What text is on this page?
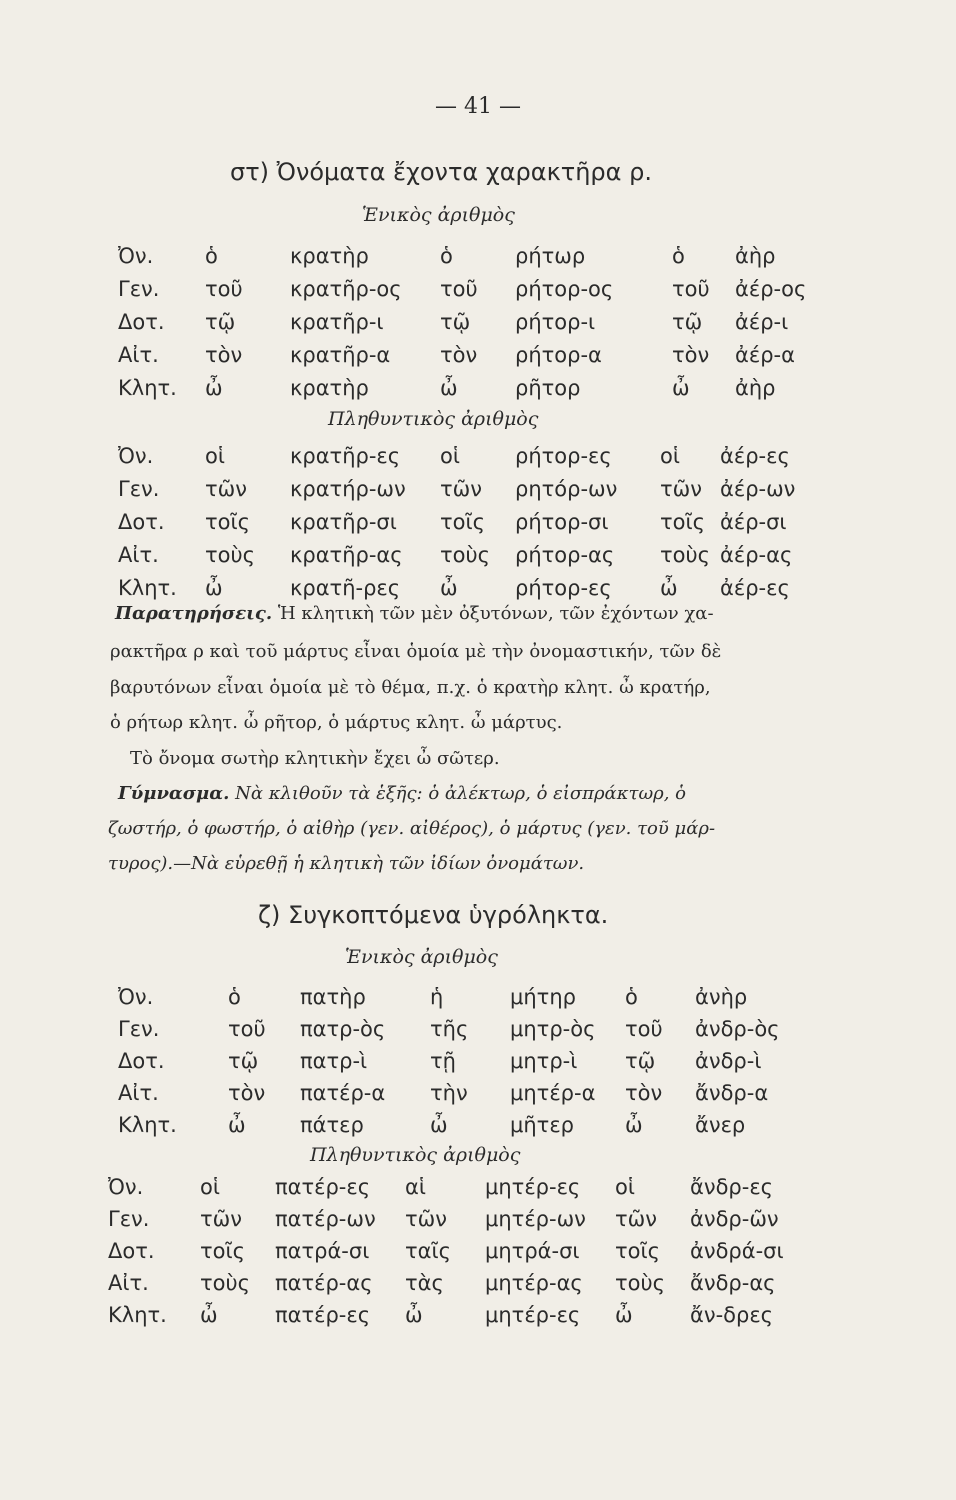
— 41 —
στ) Ὀνόματα ἔχοντα χαρακτῆρα ρ.
Ἑνικὸς ἀριθμὸς
Ὀν. ὁ	κρατὴρ	ὁ	ρήτωρ	ὁ ἀὴρ
Γεν. τοῦ κρατῆρ-ος τοῦ ρήτορ-ος	τοῦ ἀέρ-ος
Δοτ. τῷ	κρατῆρ-ι	τῷ ρήτορ-ι	τῷ ἀέρ-ι
Αἰτ. τὸν κρατῆρ-α τὸν ρήτορ-α	τὸν ἀέρ-α
Κλητ. ὦ	κρατὴρ	ὦ	ρῆτορ	ὦ ἀὴρ
Πληθυντικὸς ἀριθμὸς
Ὀν. οἱ	κρατῆρ-ες οἱ	ρήτορ-ες οἱ ἀέρ-ες
Γεν. τῶν κρατήρ-ων τῶν ρητόρ-ων τῶν ἀέρ-ων
Δοτ. τοῖς κρατῆρ-σι τοῖς ρήτορ-σι τοῖς ἀέρ-σι
Αἰτ. τοὺς κρατῆρ-ας τοὺς ρήτορ-ας τοὺς ἀέρ-ας
Κλητ. ὦ	κρατῆ-ρες ὦ	ρήτορ-ες ὦ ἀέρ-ες
Παρατηρήσεις. Ἡ κλητικὴ τῶν μὲν ὀξυτόνων, τῶν ἐχόντων χα-
ρακτῆρα ρ καὶ τοῦ μάρτυς εἶναι ὁμοία μὲ τὴν ὀνομαστικήν, τῶν δὲ
βαρυτόνων εἶναι ὁμοία μὲ τὸ θέμα, π.χ. ὁ κρατὴρ κλητ. ὦ κρατήρ,
ὁ ρήτωρ κλητ. ὦ ρῆτορ, ὁ μάρτυς κλητ. ὦ μάρτυς.
Τὸ ὄνομα σωτὴρ κλητικὴν ἔχει ὦ σῶτερ.
Γύμνασμα. Νὰ κλιθοῦν τὰ ἑξῆς: ὁ ἀλέκτωρ, ὁ εἰσπράκτωρ, ὁ
ζωστήρ, ὁ φωστήρ, ὁ αἰθὴρ (γεν. αἰθέρος), ὁ μάρτυς (γεν. τοῦ μάρ-
τυρος).—Νὰ εὑρεθῇ ἡ κλητικὴ τῶν ἰδίων ὀνομάτων.
ζ) Συγκοπτόμενα ὑγρόληκτα.
Ἑνικὸς ἀριθμὸς
Ὀν.	ὁ	πατὴρ	ἡ	μήτηρ ὁ	ἀνὴρ
Γεν.	τοῦ πατρ-ὸς τῆς μητρ-ὸς τοῦ ἀνδρ-ὸς
Δοτ.	τῷ πατρ-ὶ	τῇ	μητρ-ὶ τῷ ἀνδρ-ὶ
Αἰτ.	τὸν πατέρ-α τὴν μητέρ-α τὸν ἄνδρ-α
Κλητ. ὦ	πάτερ	ὦ	μῆτερ ὦ ἄνερ
Πληθυντικὸς ἀριθμὸς
Ὀν.	οἱ	πατέρ-ες αἱ	μητέρ-ες οἱ	ἄνδρ-ες
Γεν. τῶν πατέρ-ων τῶν μητέρ-ων τῶν ἀνδρ-ῶν
Δοτ. τοῖς πατρά-σι ταῖς μητρά-σι τοῖς ἀνδρά-σι
Αἰτ. τοὺς πατέρ-ας τὰς μητέρ-ας τοὺς ἄνδρ-ας
Κλητ. ὦ	πατέρ-ες ὦ	μητέρ-ες ὦ	ἄν-δρες
